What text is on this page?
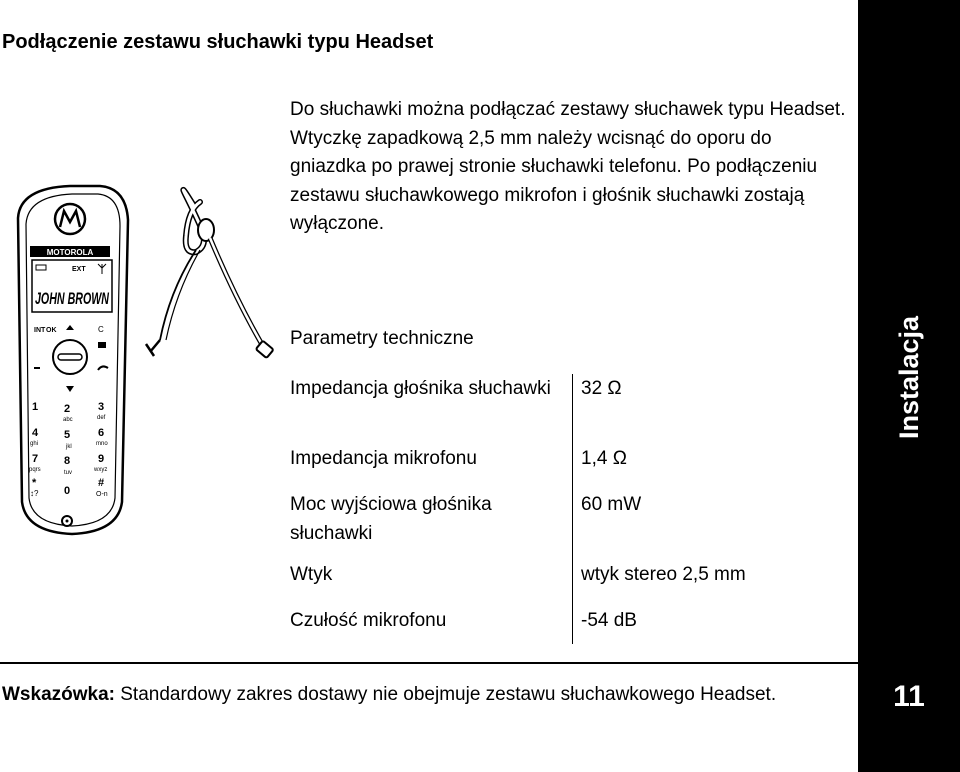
Podłączenie zestawu słuchawki typu Headset

Do słuchawki można podłączać zestawy słuchawek typu Headset.

Wtyczkę zapadkową 2,5 mm należy wcisnąć do oporu do gniazdka po prawej stronie słuchawki telefonu. Po podłączeniu zestawu słuchawkowego mikrofon i głośnik słuchawki zostają wyłączone.

MOTOROLA
EXT
JOHN BROWN
INT OK	C
1 2
abc
3
def
4
ghi
5
jkl
6
mno
7
pqrs
8
tuv
9
wxyz
*
↕? 0
#
O‑n
Parametry techniczne
Impedancja głośnika słuchawki	32 Ω
Impedancja mikrofonu	1,4 Ω
Moc wyjściowa głośnika słuchawki	60 mW
Wtyk	wtyk stereo 2,5 mm
Czułość mikrofonu	-54 dB
Wskazówka: Standardowy zakres dostawy nie obejmuje zestawu słuchawkowego Headset.
Instalacja
11
